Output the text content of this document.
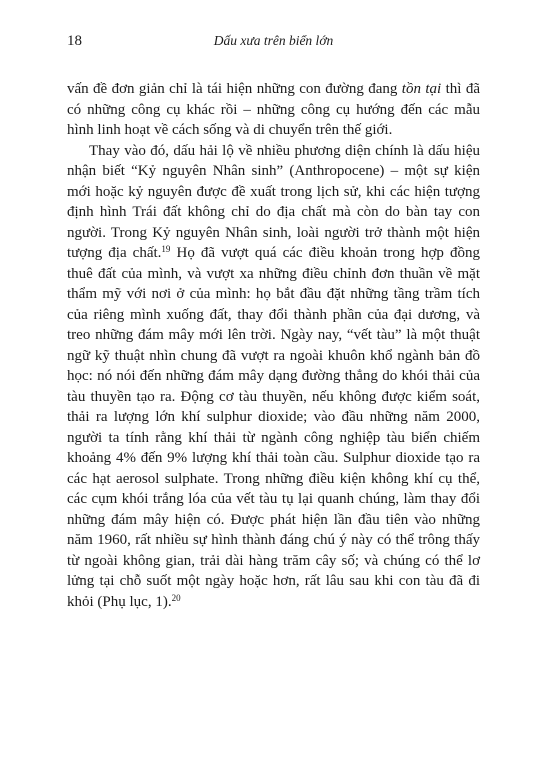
18	Dấu xưa trên biển lớn

vấn đề đơn giản chỉ là tái hiện những con đường đang tồn tại thì đã có những công cụ khác rồi – những công cụ hướng đến các mẫu hình linh hoạt về cách sống và di chuyển trên thế giới.

Thay vào đó, dấu hải lộ về nhiều phương diện chính là dấu hiệu nhận biết “Kỷ nguyên Nhân sinh” (Anthropocene) – một sự kiện mới hoặc kỷ nguyên được đề xuất trong lịch sử, khi các hiện tượng định hình Trái đất không chỉ do địa chất mà còn do bàn tay con người. Trong Kỷ nguyên Nhân sinh, loài người trở thành một hiện tượng địa chất.$^{19}$ Họ đã vượt quá các điều khoản trong hợp đồng thuê đất của mình, và vượt xa những điều chỉnh đơn thuần về mặt thẩm mỹ với nơi ở của mình: họ bắt đầu đặt những tầng trầm tích của riêng mình xuống đất, thay đổi thành phần của đại dương, và treo những đám mây mới lên trời. Ngày nay, “vết tàu” là một thuật ngữ kỹ thuật nhìn chung đã vượt ra ngoài khuôn khổ ngành bản đồ học: nó nói đến những đám mây dạng đường thẳng do khói thải của tàu thuyền tạo ra. Động cơ tàu thuyền, nếu không được kiểm soát, thải ra lượng lớn khí sulphur dioxide; vào đầu những năm 2000, người ta tính rằng khí thải từ ngành công nghiệp tàu biển chiếm khoảng 4% đến 9% lượng khí thải toàn cầu. Sulphur dioxide tạo ra các hạt aerosol sulphate. Trong những điều kiện không khí cụ thể, các cụm khói trắng lóa của vết tàu tụ lại quanh chúng, làm thay đổi những đám mây hiện có. Được phát hiện lần đầu tiên vào những năm 1960, rất nhiều sự hình thành đáng chú ý này có thể trông thấy từ ngoài không gian, trải dài hàng trăm cây số; và chúng có thể lơ lửng tại chỗ suốt một ngày hoặc hơn, rất lâu sau khi con tàu đã đi khỏi (Phụ lục, 1).$^{20}$
